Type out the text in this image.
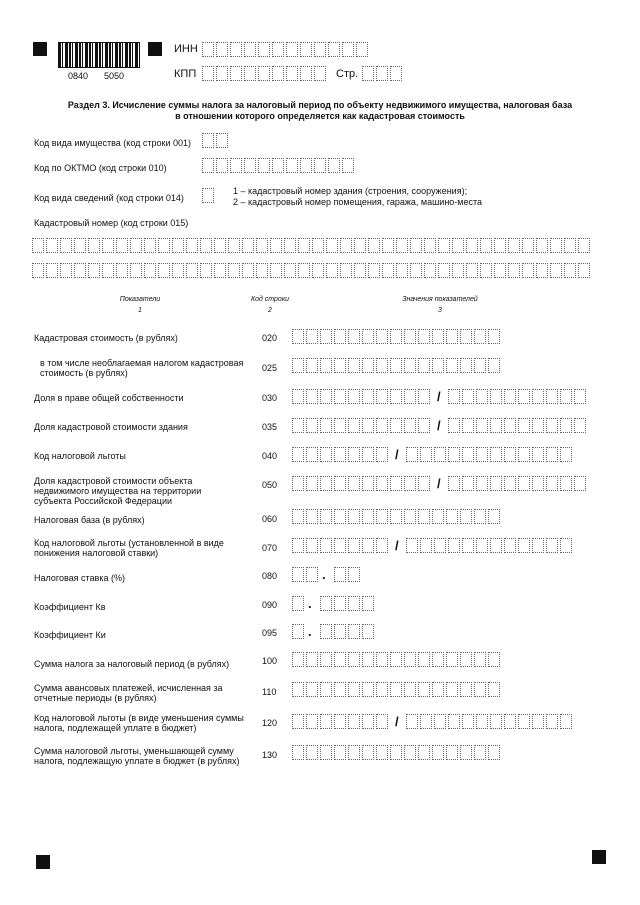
0840 5050
ИНН
КПП	Стр.
Раздел 3. Исчисление суммы налога за налоговый период по объекту недвижимого имущества, налоговая база
в отношении которого определяется как кадастровая стоимость
Код вида имущества (код строки 001)
Код по ОКТМО (код строки 010)
Код вида сведений (код строки 014)
1 – кадастровый номер здания (строения, сооружения);
2 – кадастровый номер помещения, гаража, машино-места
Кадастровый номер (код строки 015)
Показатели	Код строки	Значения показателей
1	2	3
Кадастровая стоимость (в рублях)	020
в том числе необлагаемая налогом кадастровая стоимость (в рублях)	025
Доля в праве общей собственности	030	/
Доля кадастровой стоимости здания	035	/
Код налоговой льготы	040	/
Доля кадастровой стоимости объекта недвижимого имущества на территории субъекта Российской Федерации
050	/
Налоговая база (в рублях)	060
Код налоговой льготы (установленной в виде понижения налоговой ставки)	070	/
Налоговая ставка (%)	080	.
Коэффициент Кв	090 .
Коэффициент Ки	095 .
Сумма налога за налоговый период (в рублях)	100
Сумма авансовых платежей, исчисленная за отчетные периоды (в рублях)
110
Код налоговой льготы (в виде уменьшения суммы налога, подлежащей уплате в бюджет)	120	/
Сумма налоговой льготы, уменьшающей сумму налога, подлежащую уплате в бюджет (в рублях)
130
